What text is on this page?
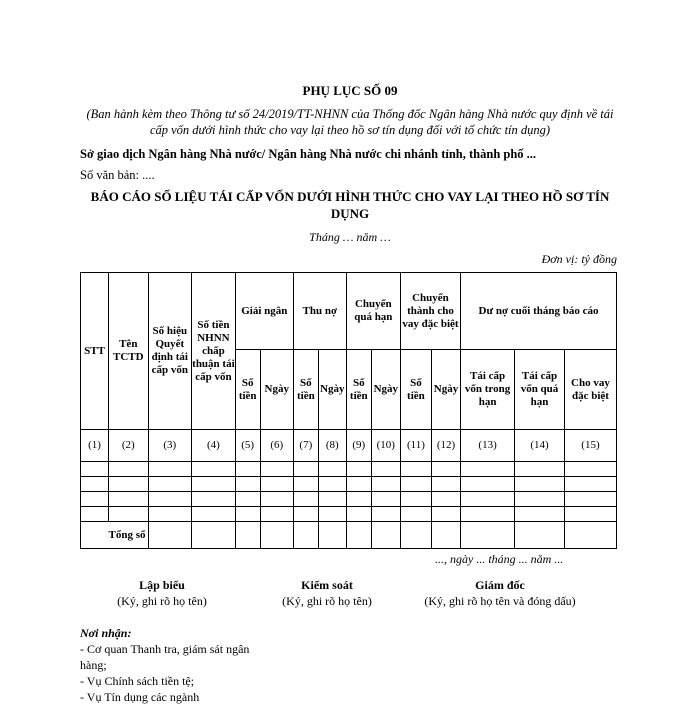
PHỤ LỤC SỐ 09
(Ban hành kèm theo Thông tư số 24/2019/TT-NHNN của Thống đốc Ngân hàng Nhà nước quy định về tái cấp vốn dưới hình thức cho vay lại theo hồ sơ tín dụng đối với tổ chức tín dụng)
Sở giao dịch Ngân hàng Nhà nước/ Ngân hàng Nhà nước chi nhánh tỉnh, thành phố ...
Số văn bản: ....
BÁO CÁO SỐ LIỆU TÁI CẤP VỐN DƯỚI HÌNH THỨC CHO VAY LẠI THEO HỒ SƠ TÍN DỤNG
Tháng … năm …
Đơn vị: tỷ đồng
STT	Tên TCTD	Số hiệu Quyết định tái cấp vốn	Số tiền NHNN chấp thuận tái cấp vốn	Giải ngân		Thu nợ		Chuyển quá hạn		Chuyển thành cho vay đặc biệt		Dư nợ cuối tháng báo cáo		
				Số tiền	Ngày	Số tiền	Ngày	Số tiền	Ngày	Số tiền	Ngày	Tái cấp vốn trong hạn	Tái cấp vốn quá hạn	Cho vay đặc biệt
(1)	(2)	(3)	(4)	(5)	(6)	(7)	(8)	(9)	(10)	(11)	(12)	(13)	(14)	(15)

Tổng số														
..., ngày ... tháng ... năm ...
Lập biểu
(Ký, ghi rõ họ tên)
Kiểm soát
(Ký, ghi rõ họ tên)
Giám đốc
(Ký, ghi rõ họ tên và đóng dấu)
Nơi nhận:
- Cơ quan Thanh tra, giám sát ngân hàng;
- Vụ Chính sách tiền tệ;
- Vụ Tín dụng các ngành
